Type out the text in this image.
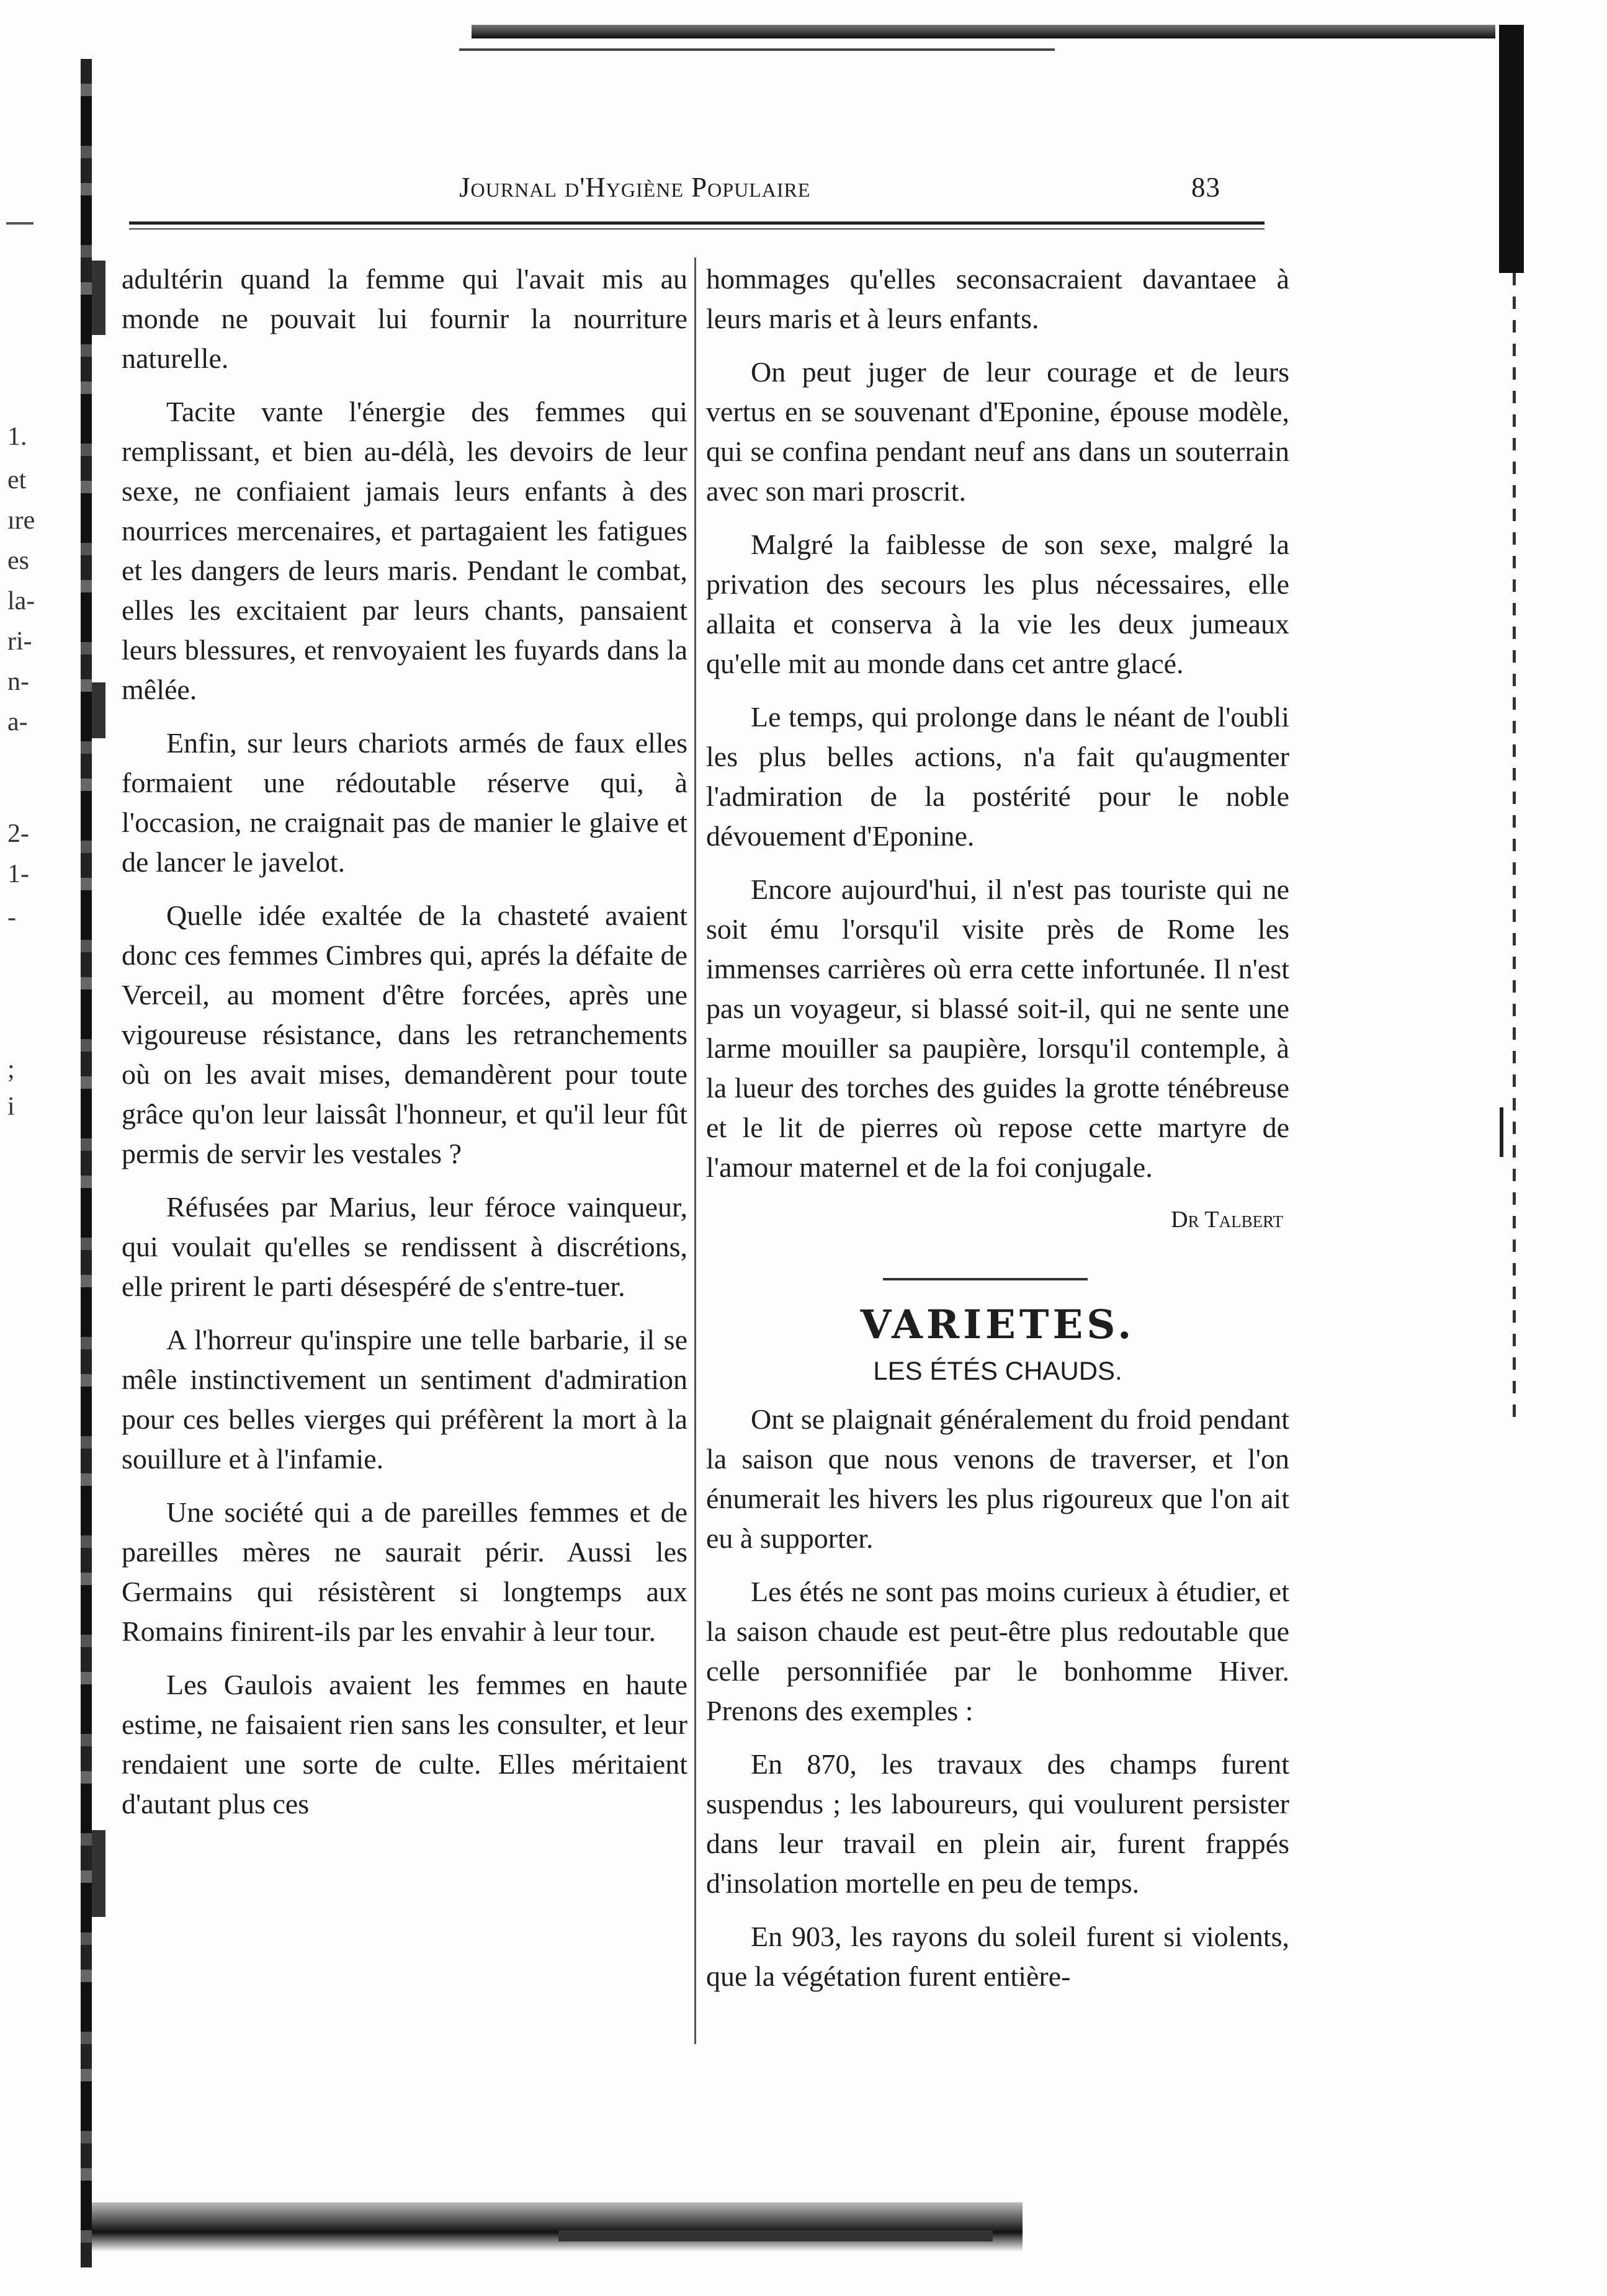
1.
et
ıre
es
la-
ri-
n-
a-
2-
1-
-
;
i
Journal d'Hygiène Populaire	83

adultérin quand la femme qui l'avait mis au monde ne pouvait lui fournir la nourriture naturelle.

Tacite vante l'énergie des femmes qui remplissant, et bien au-délà, les devoirs de leur sexe, ne confiaient jamais leurs enfants à des nourrices mercenaires, et partagaient les fatigues et les dangers de leurs maris. Pendant le combat, elles les excitaient par leurs chants, pansaient leurs blessures, et renvoyaient les fuyards dans la mêlée.

Enfin, sur leurs chariots armés de faux elles formaient une rédoutable réserve qui, à l'occasion, ne craignait pas de manier le glaive et de lancer le javelot.

Quelle idée exaltée de la chasteté avaient donc ces femmes Cimbres qui, aprés la défaite de Verceil, au moment d'être forcées, après une vigoureuse résistance, dans les retranchements où on les avait mises, demandèrent pour toute grâce qu'on leur laissât l'honneur, et qu'il leur fût permis de servir les vestales ?

Réfusées par Marius, leur féroce vainqueur, qui voulait qu'elles se rendissent à discrétions, elle prirent le parti désespéré de s'entre-tuer.

A l'horreur qu'inspire une telle barbarie, il se mêle instinctivement un sentiment d'admiration pour ces belles vierges qui préfèrent la mort à la souillure et à l'infamie.

Une société qui a de pareilles femmes et de pareilles mères ne saurait périr. Aussi les Germains qui résistèrent si longtemps aux Romains finirent-ils par les envahir à leur tour.

Les Gaulois avaient les femmes en haute estime, ne faisaient rien sans les consulter, et leur rendaient une sorte de culte. Elles méritaient d'autant plus ces

hommages qu'elles seconsacraient davantaee à leurs maris et à leurs enfants.

On peut juger de leur courage et de leurs vertus en se souvenant d'Eponine, épouse modèle, qui se confina pendant neuf ans dans un souterrain avec son mari proscrit.

Malgré la faiblesse de son sexe, malgré la privation des secours les plus nécessaires, elle allaita et conserva à la vie les deux jumeaux qu'elle mit au monde dans cet antre glacé.

Le temps, qui prolonge dans le néant de l'oubli les plus belles actions, n'a fait qu'augmenter l'admiration de la postérité pour le noble dévouement d'Eponine.

Encore aujourd'hui, il n'est pas touriste qui ne soit ému l'orsqu'il visite près de Rome les immenses carrières où erra cette infortunée. Il n'est pas un voyageur, si blassé soit-il, qui ne sente une larme mouiller sa paupière, lorsqu'il contemple, à la lueur des torches des guides la grotte ténébreuse et le lit de pierres où repose cette martyre de l'amour maternel et de la foi conjugale.

Dr Talbert
VARIETES.
LES ÉTÉS CHAUDS.

Ont se plaignait généralement du froid pendant la saison que nous venons de traverser, et l'on énumerait les hivers les plus rigoureux que l'on ait eu à supporter.

Les étés ne sont pas moins curieux à étudier, et la saison chaude est peut-être plus redoutable que celle personnifiée par le bonhomme Hiver. Prenons des exemples :

En 870, les travaux des champs furent suspendus ; les laboureurs, qui voulurent persister dans leur travail en plein air, furent frappés d'insolation mortelle en peu de temps.

En 903, les rayons du soleil furent si violents, que la végétation furent entière-
